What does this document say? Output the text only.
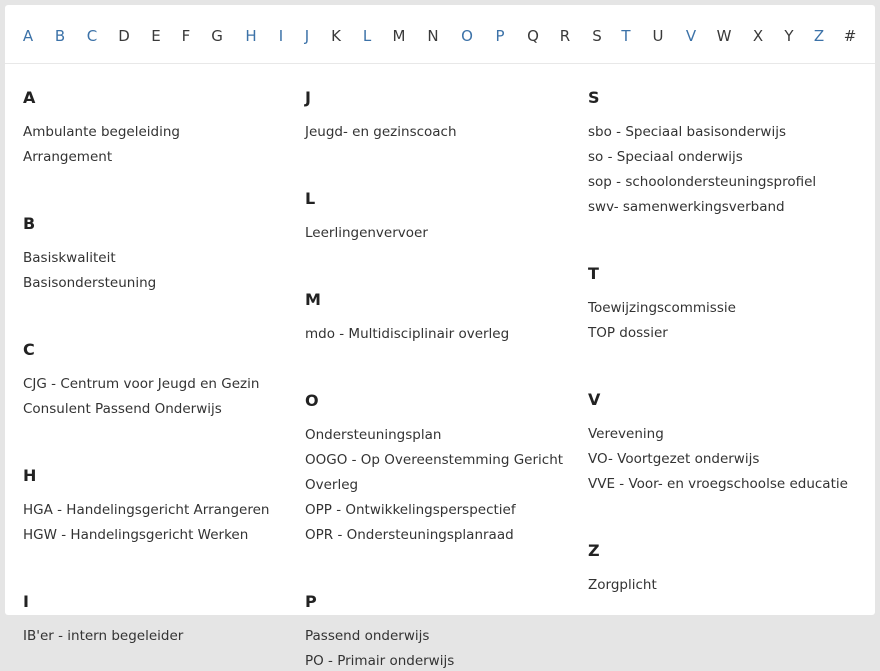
A B C D E F G H I J K L M N O P Q R S T U V W X Y Z #
A
Ambulante begeleiding
Arrangement
B
Basiskwaliteit
Basisondersteuning
C
CJG - Centrum voor Jeugd en Gezin
Consulent Passend Onderwijs
H
HGA - Handelingsgericht Arrangeren
HGW - Handelingsgericht Werken
I
IB'er - intern begeleider
J
Jeugd- en gezinscoach
L
Leerlingenvervoer
M
mdo - Multidisciplinair overleg
O
Ondersteuningsplan
OOGO - Op Overeenstemming Gericht
Overleg
OPP - Ontwikkelingsperspectief
OPR - Ondersteuningsplanraad
P
Passend onderwijs
PO - Primair onderwijs
S
sbo - Speciaal basisonderwijs
so - Speciaal onderwijs
sop - schoolondersteuningsprofiel
swv- samenwerkingsverband
T
Toewijzingscommissie
TOP dossier
V
Verevening
VO- Voortgezet onderwijs
VVE - Voor- en vroegschoolse educatie
Z
Zorgplicht
